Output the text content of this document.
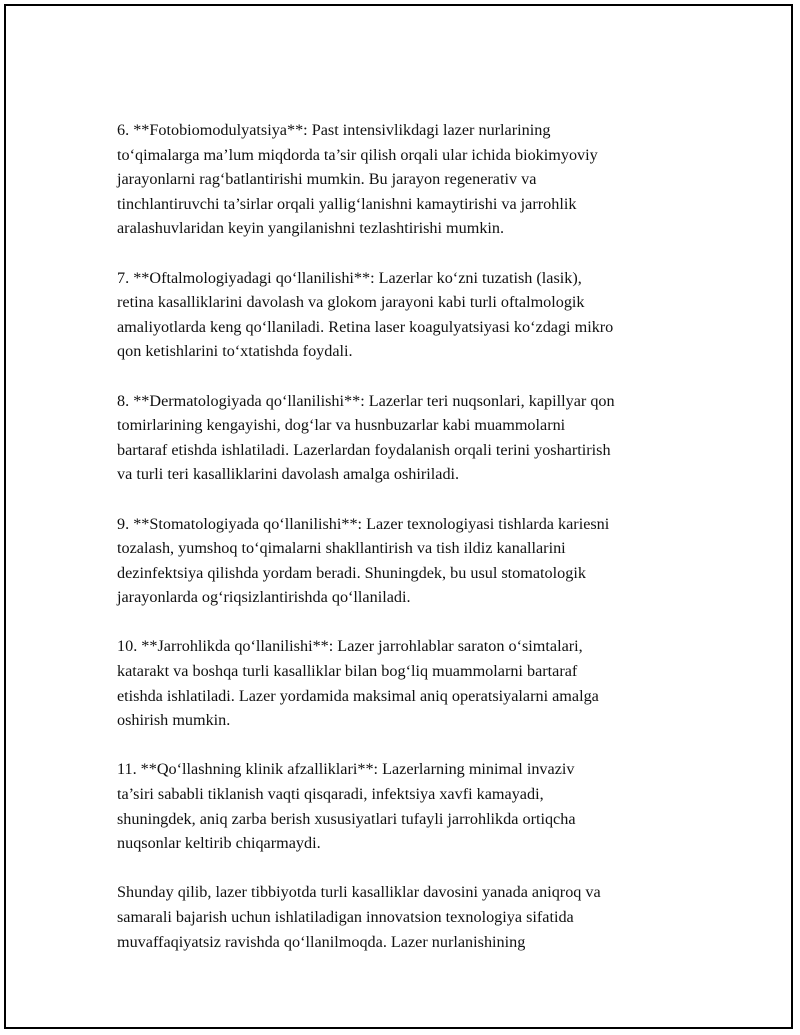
6. **Fotobiomodulyatsiya**: Past intensivlikdagi lazer nurlarining
to‘qimalarga ma’lum miqdorda ta’sir qilish orqali ular ichida biokimyoviy
jarayonlarni rag‘batlantirishi mumkin. Bu jarayon regenerativ va
tinchlantiruvchi ta’sirlar orqali yallig‘lanishni kamaytirishi va jarrohlik
aralashuvlaridan keyin yangilanishni tezlashtirishi mumkin.

7. **Oftalmologiyadagi qo‘llanilishi**: Lazerlar ko‘zni tuzatish (lasik),
retina kasalliklarini davolash va glokom jarayoni kabi turli oftalmologik
amaliyotlarda keng qo‘llaniladi. Retina laser koagulyatsiyasi ko‘zdagi mikro
qon ketishlarini to‘xtatishda foydali.

8. **Dermatologiyada qo‘llanilishi**: Lazerlar teri nuqsonlari, kapillyar qon
tomirlarining kengayishi, dog‘lar va husnbuzarlar kabi muammolarni
bartaraf etishda ishlatiladi. Lazerlardan foydalanish orqali terini yoshartirish
va turli teri kasalliklarini davolash amalga oshiriladi.

9. **Stomatologiyada qo‘llanilishi**: Lazer texnologiyasi tishlarda kariesni
tozalash, yumshoq to‘qimalarni shakllantirish va tish ildiz kanallarini
dezinfektsiya qilishda yordam beradi. Shuningdek, bu usul stomatologik
jarayonlarda og‘riqsizlantirishda qo‘llaniladi.

10. **Jarrohlikda qo‘llanilishi**: Lazer jarrohlablar saraton o‘simtalari,
katarakt va boshqa turli kasalliklar bilan bog‘liq muammolarni bartaraf
etishda ishlatiladi. Lazer yordamida maksimal aniq operatsiyalarni amalga
oshirish mumkin.

11. **Qo‘llashning klinik afzalliklari**: Lazerlarning minimal invaziv
ta’siri sababli tiklanish vaqti qisqaradi, infektsiya xavfi kamayadi,
shuningdek, aniq zarba berish xususiyatlari tufayli jarrohlikda ortiqcha
nuqsonlar keltirib chiqarmaydi.

Shunday qilib, lazer tibbiyotda turli kasalliklar davosini yanada aniqroq va
samarali bajarish uchun ishlatiladigan innovatsion texnologiya sifatida
muvaffaqiyatsiz ravishda qo‘llanilmoqda. Lazer nurlanishining
